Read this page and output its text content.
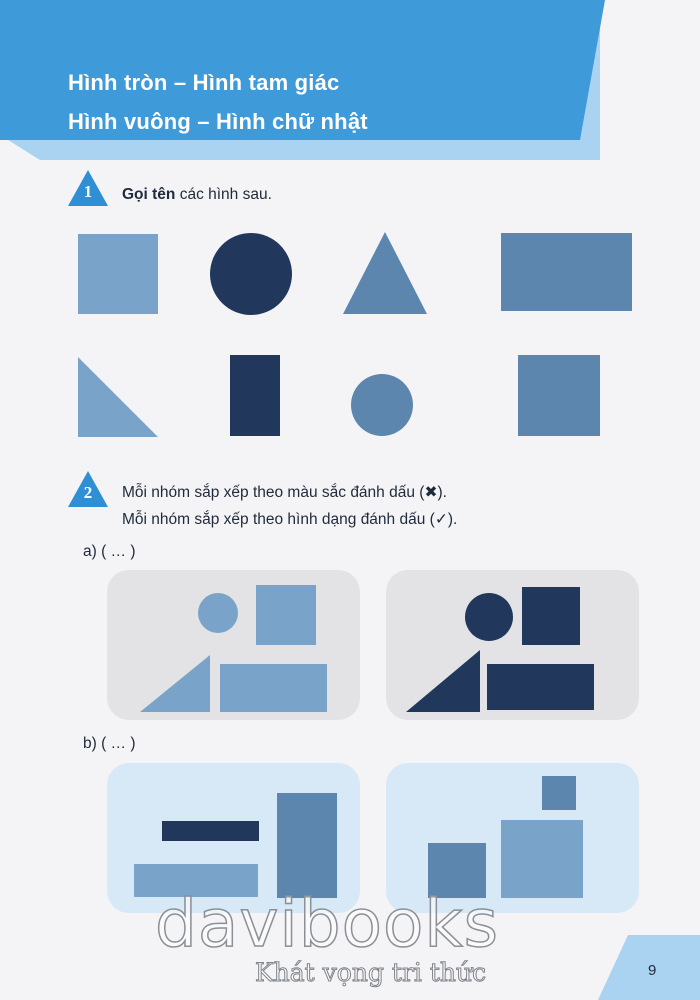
Hình tròn – Hình tam giác
Hình vuông – Hình chữ nhật
1	Gọi tên các hình sau.
2	Mỗi nhóm sắp xếp theo màu sắc đánh dấu (✖).
Mỗi nhóm sắp xếp theo hình dạng đánh dấu (✓).
a) ( … )
b) ( … )
davibooks
Khát vọng tri thức	9
